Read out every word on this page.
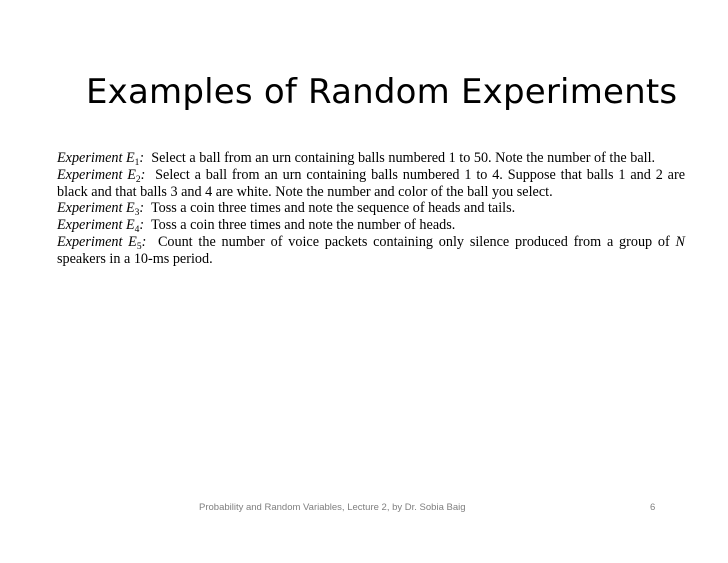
Examples of Random Experiments

Experiment $E_1$: Select a ball from an urn containing balls numbered 1 to 50. Note the number of the ball.

Experiment $E_2$: Select a ball from an urn containing balls numbered 1 to 4. Suppose that balls 1 and 2 are black and that balls 3 and 4 are white. Note the number and color of the ball you select.

Experiment $E_3$: Toss a coin three times and note the sequence of heads and tails.

Experiment $E_4$: Toss a coin three times and note the number of heads.

Experiment $E_5$: Count the number of voice packets containing only silence produced from a group of N speakers in a 10-ms period.

Probability and Random Variables, Lecture 2, by Dr. Sobia Baig	6
